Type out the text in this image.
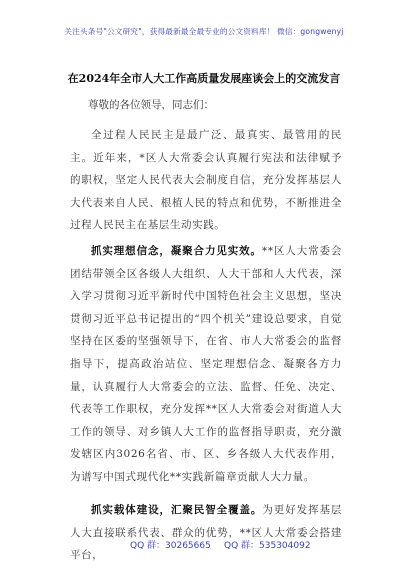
关注头条号"公文研究"，获得最新最全最专业的公文资料库！ 微信：gongwenyj
在2024年全市人大工作高质量发展座谈会上的交流发言
尊敬的各位领导，同志们：
全过程人民民主是最广泛、最真实、最管用的民主。近年来，*区人大常委会认真履行宪法和法律赋予的职权，坚定人民代表大会制度自信，充分发挥基层人大代表来自人民、根植人民的特点和优势，不断推进全过程人民民主在基层生动实践。
抓实理想信念，凝聚合力见实效。**区人大常委会团结带领全区各级人大组织、人大干部和人大代表，深入学习贯彻习近平新时代中国特色社会主义思想，坚决贯彻习近平总书记提出的“四个机关”建设总要求，自觉坚持在区委的坚强领导下，在省、市人大常委会的监督指导下，提高政治站位、坚定理想信念、凝聚各方力量，认真履行人大常委会的立法、监督、任免、决定、代表等工作职权，充分发挥**区人大常委会对街道人大工作的领导、对乡镇人大工作的监督指导职责，充分激发辖区内3026名省、市、区、乡各级人大代表作用，为谱写中国式现代化**实践新篇章贡献人大力量。
抓实载体建设，汇聚民智全覆盖。为更好发挥基层人大直接联系代表、群众的优势，**区人大常委会搭建平台，
QQ 群：30265665 QQ 群：535304092
